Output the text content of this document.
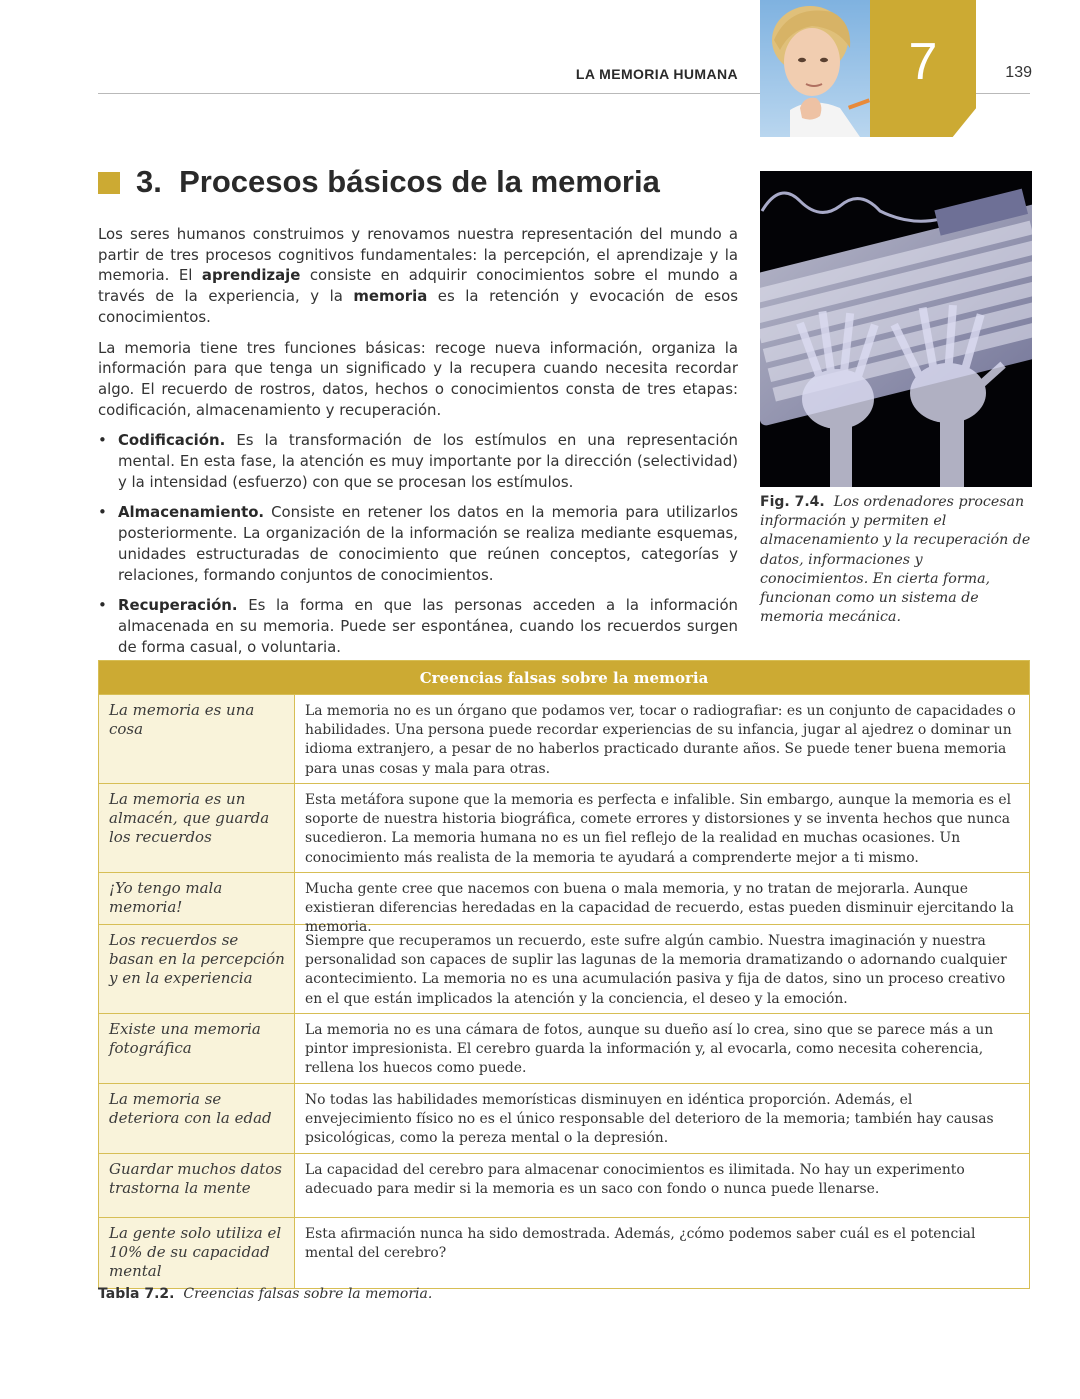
LA MEMORIA HUMANA	7	139
3. Procesos básicos de la memoria

Los seres humanos construimos y renovamos nuestra representación del mundo a partir de tres procesos cognitivos fundamentales: la percepción, el aprendizaje y la memoria. El aprendizaje consiste en adquirir conocimientos sobre el mundo a través de la experiencia, y la memoria es la retención y evocación de esos conocimientos.

La memoria tiene tres funciones básicas: recoge nueva información, organiza la información para que tenga un significado y la recupera cuando necesita recordar algo. El recuerdo de rostros, datos, hechos o conocimientos consta de tres etapas: codificación, almacenamiento y recuperación.

• Codificación. Es la transformación de los estímulos en una representación mental. En esta fase, la atención es muy importante por la dirección (selectividad) y la intensidad (esfuerzo) con que se procesan los estímulos.
• Almacenamiento. Consiste en retener los datos en la memoria para utilizarlos posteriormente. La organización de la información se realiza mediante esquemas, unidades estructuradas de conocimiento que reúnen conceptos, categorías y relaciones, formando conjuntos de conocimientos.
• Recuperación. Es la forma en que las personas acceden a la información almacenada en su memoria. Puede ser espontánea, cuando los recuerdos surgen de forma casual, o voluntaria.
Fig. 7.4. Los ordenadores procesan información y permiten el almacenamiento y la recuperación de datos, informaciones y conocimientos. En cierta forma, funcionan como un sistema de memoria mecánica.
Creencias falsas sobre la memoria
La memoria es una cosa
La memoria no es un órgano que podamos ver, tocar o radiografiar: es un conjunto de capacidades o habilidades. Una persona puede recordar experiencias de su infancia, jugar al ajedrez o dominar un idioma extranjero, a pesar de no haberlos practicado durante años. Se puede tener buena memoria para unas cosas y mala para otras.
La memoria es un almacén, que guarda los recuerdos
Esta metáfora supone que la memoria es perfecta e infalible. Sin embargo, aunque la memoria es el soporte de nuestra historia biográfica, comete errores y distorsiones y se inventa hechos que nunca sucedieron. La memoria humana no es un fiel reflejo de la realidad en muchas ocasiones. Un conocimiento más realista de la memoria te ayudará a comprenderte mejor a ti mismo.
¡Yo tengo mala memoria!
Mucha gente cree que nacemos con buena o mala memoria, y no tratan de mejorarla. Aunque existieran diferencias heredadas en la capacidad de recuerdo, estas pueden disminuir ejercitando la memoria.
Los recuerdos se basan en la percepción y en la experiencia
Siempre que recuperamos un recuerdo, este sufre algún cambio. Nuestra imaginación y nuestra personalidad son capaces de suplir las lagunas de la memoria dramatizando o adornando cualquier acontecimiento. La memoria no es una acumulación pasiva y fija de datos, sino un proceso creativo en el que están implicados la atención y la conciencia, el deseo y la emoción.
Existe una memoria fotográfica
La memoria no es una cámara de fotos, aunque su dueño así lo crea, sino que se parece más a un pintor impresionista. El cerebro guarda la información y, al evocarla, como necesita coherencia, rellena los huecos como puede.
La memoria se deteriora con la edad
No todas las habilidades memorísticas disminuyen en idéntica proporción. Además, el envejecimiento físico no es el único responsable del deterioro de la memoria; también hay causas psicológicas, como la pereza mental o la depresión.
Guardar muchos datos trastorna la mente
La capacidad del cerebro para almacenar conocimientos es ilimitada. No hay un experimento adecuado para medir si la memoria es un saco con fondo o nunca puede llenarse.
La gente solo utiliza el 10% de su capacidad mental
Esta afirmación nunca ha sido demostrada. Además, ¿cómo podemos saber cuál es el potencial mental del cerebro?
Tabla 7.2. Creencias falsas sobre la memoria.
